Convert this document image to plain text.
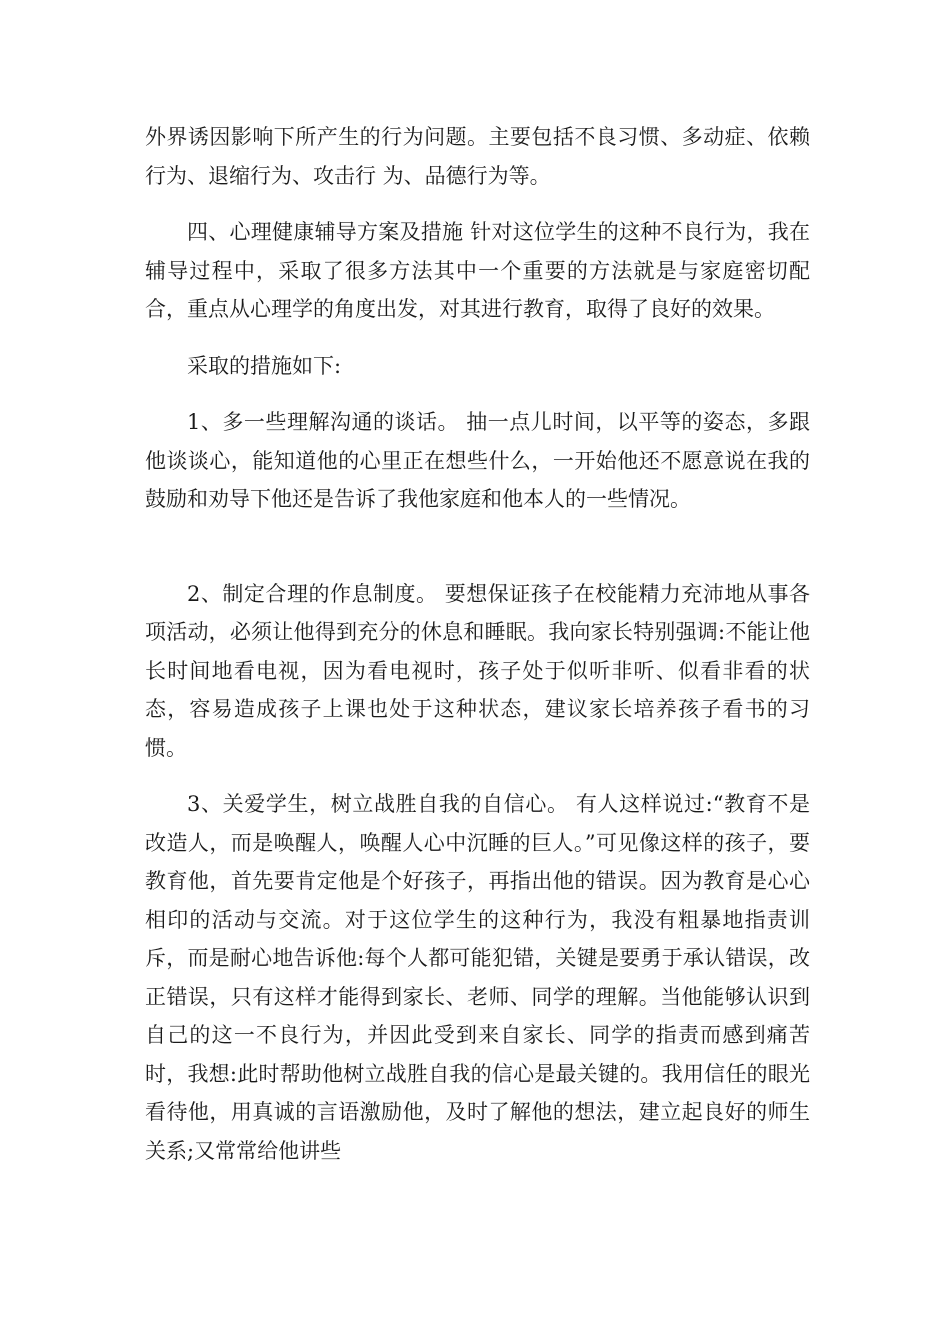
外界诱因影响下所产生的行为问题。主要包括不良习惯、多动症、依赖行为、退缩行为、攻击行 为、品德行为等。

四、心理健康辅导方案及措施 针对这位学生的这种不良行为，我在辅导过程中，采取了很多方法其中一个重要的方法就是与家庭密切配合，重点从心理学的角度出发，对其进行教育，取得了良好的效果。

采取的措施如下:

1、多一些理解沟通的谈话。 抽一点儿时间，以平等的姿态，多跟他谈谈心，能知道他的心里正在想些什么，一开始他还不愿意说在我的鼓励和劝导下他还是告诉了我他家庭和他本人的一些情况。

2、制定合理的作息制度。 要想保证孩子在校能精力充沛地从事各项活动，必须让他得到充分的休息和睡眠。我向家长特别强调:不能让他长时间地看电视，因为看电视时，孩子处于似听非听、似看非看的状态，容易造成孩子上课也处于这种状态，建议家长培养孩子看书的习惯。

3、关爱学生，树立战胜自我的自信心。 有人这样说过:“教育不是改造人，而是唤醒人，唤醒人心中沉睡的巨人。”可见像这样的孩子，要教育他，首先要肯定他是个好孩子，再指出他的错误。因为教育是心心相印的活动与交流。对于这位学生的这种行为，我没有粗暴地指责训斥，而是耐心地告诉他:每个人都可能犯错，关键是要勇于承认错误，改正错误，只有这样才能得到家长、老师、同学的理解。当他能够认识到自己的这一不良行为，并因此受到来自家长、同学的指责而感到痛苦时，我想:此时帮助他树立战胜自我的信心是最关键的。我用信任的眼光看待他，用真诚的言语激励他，及时了解他的想法，建立起良好的师生关系;又常常给他讲些
